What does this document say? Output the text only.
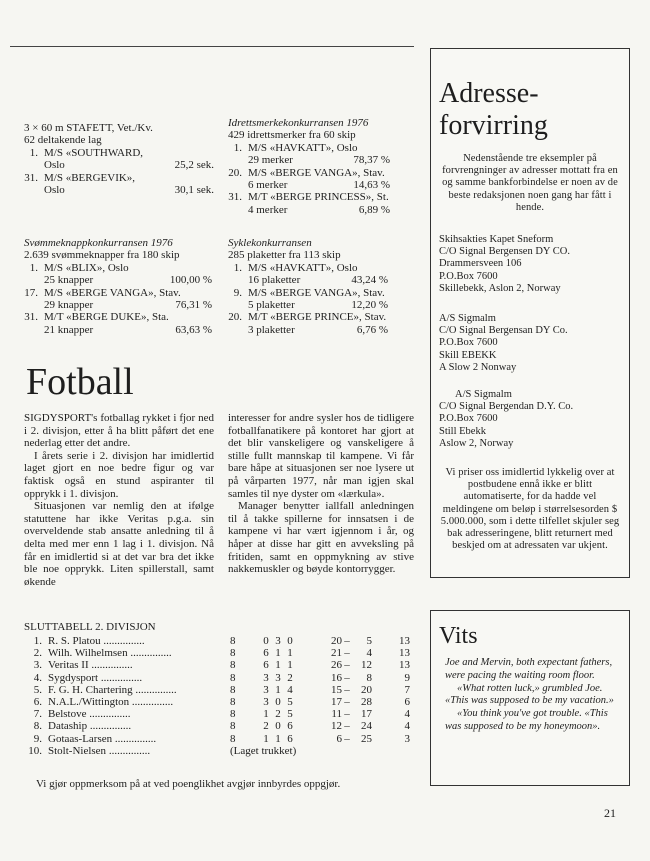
3 × 60 m STAFETT, Vet./Kv.
62 deltakende lag
1. M/S «SOUTHWARD,
Oslo	25,2 sek.
31. M/S «BERGEVIK»,
Oslo	30,1 sek.
Idrettsmerkekonkurransen 1976
429 idrettsmerker fra 60 skip
1. M/S «HAVKATT», Oslo
29 merker	78,37 %
20. M/S «BERGE VANGA», Stav.
6 merker	14,63 %
31. M/T «BERGE PRINCESS», St.
4 merker	6,89 %
Svømmeknappkonkurransen 1976
2.639 svømmeknapper fra 180 skip
1. M/S «BLIX», Oslo
25 knapper	100,00 %
17. M/S «BERGE VANGA», Stav.
29 knapper	76,31 %
31. M/T «BERGE DUKE», Sta.
21 knapper	63,63 %
Syklekonkurransen
285 plaketter fra 113 skip
1. M/S «HAVKATT», Oslo
16 plaketter	43,24 %
9. M/S «BERGE VANGA», Stav.
5 plaketter	12,20 %
20. M/T «BERGE PRINCE», Stav.
3 plaketter	6,76 %
Fotball

SIGDYSPORT's fotballag rykket i fjor ned i 2. divisjon, etter å ha blitt påført det ene nederlag etter det andre.

I årets serie i 2. divisjon har imidlertid laget gjort en noe bedre figur og var faktisk også en stund aspiranter til opprykk i 1. divisjon.

Situasjonen var nemlig den at ifølge statuttene har ikke Veritas p.g.a. sin overveldende stab ansatte anledning til å delta med mer enn 1 lag i 1. divisjon. Nå får en imidlertid si at det var bra det ikke ble noe opprykk. Liten spillerstall, samt økende

interesser for andre sysler hos de tidligere fotballfanatikere på kontoret har gjort at det blir vanskeligere og vanskeligere å stille fullt mannskap til kampene. Vi får bare håpe at situasjonen ser noe lysere ut på vårparten 1977, når man igjen skal samles til nye dyster om «lærkula».

Manager benytter iallfall anledningen til å takke spillerne for innsatsen i de kampene vi har vært igjennom i år, og håper at disse har gitt en avveksling på fritiden, samt en oppmykning av stive nakkemuskler og bøyde kontorrygger.

SLUTTABELL 2. DIVISJON
1.	R. S. Platou ...............	8	0	3	0	20	–	5	13
2.	Wilh. Wilhelmsen ...............	8	6	1	1	21	–	4	13
3.	Veritas II ...............	8	6	1	1	26	–	12	13
4.	Sygdysport ...............	8	3	3	2	16	–	8	9
5.	F. G. H. Chartering ...............	8	3	1	4	15	–	20	7
6.	N.A.L./Wittington ...............	8	3	0	5	17	–	28	6
7.	Belstove ...............	8	1	2	5	11	–	17	4
8.	Dataship ...............	8	2	0	6	12	–	24	4
9.	Gotaas-Larsen ...............	8	1	1	6	6	–	25	3
10.	Stolt-Nielsen ...............	(Laget trukket)							
Vi gjør oppmerksom på at ved poenglikhet avgjør innbyrdes oppgjør.
Adresse-
forvirring
Nedenstående tre eksempler på forvrengninger av adresser mottatt fra en og samme bankforbindelse er noen av de beste redaksjonen noen gang har fått i hende.
Skihsakties Kapet Sneform
C/O Signal Bergensen DY CO.
Drammersveen 106
P.O.Box 7600
Skillebekk, Aslon 2, Norway
A/S Sigmalm
C/O Signal Bergensan DY Co.
P.O.Box 7600
Skill EBEKK
A Slow 2 Nonway
A/S Sigmalm
C/O Signal Bergendan D.Y. Co.
P.O.Box 7600
Still Ebekk
Aslow 2, Norway
Vi priser oss imidlertid lykkelig over at postbudene ennå ikke er blitt automatiserte, for da hadde vel meldingene om beløp i størrelsesorden $ 5.000.000, som i dette tilfellet skjuler seg bak adresseringene, blitt returnert med beskjed om at adressaten var ukjent.
Vits

Joe and Mervin, both expectant fathers, were pacing the waiting room floor.

«What rotten luck,» grumbled Joe. «This was supposed to be my vacation.»

«You think you've got trouble. «This was supposed to be my honeymoon».

21
